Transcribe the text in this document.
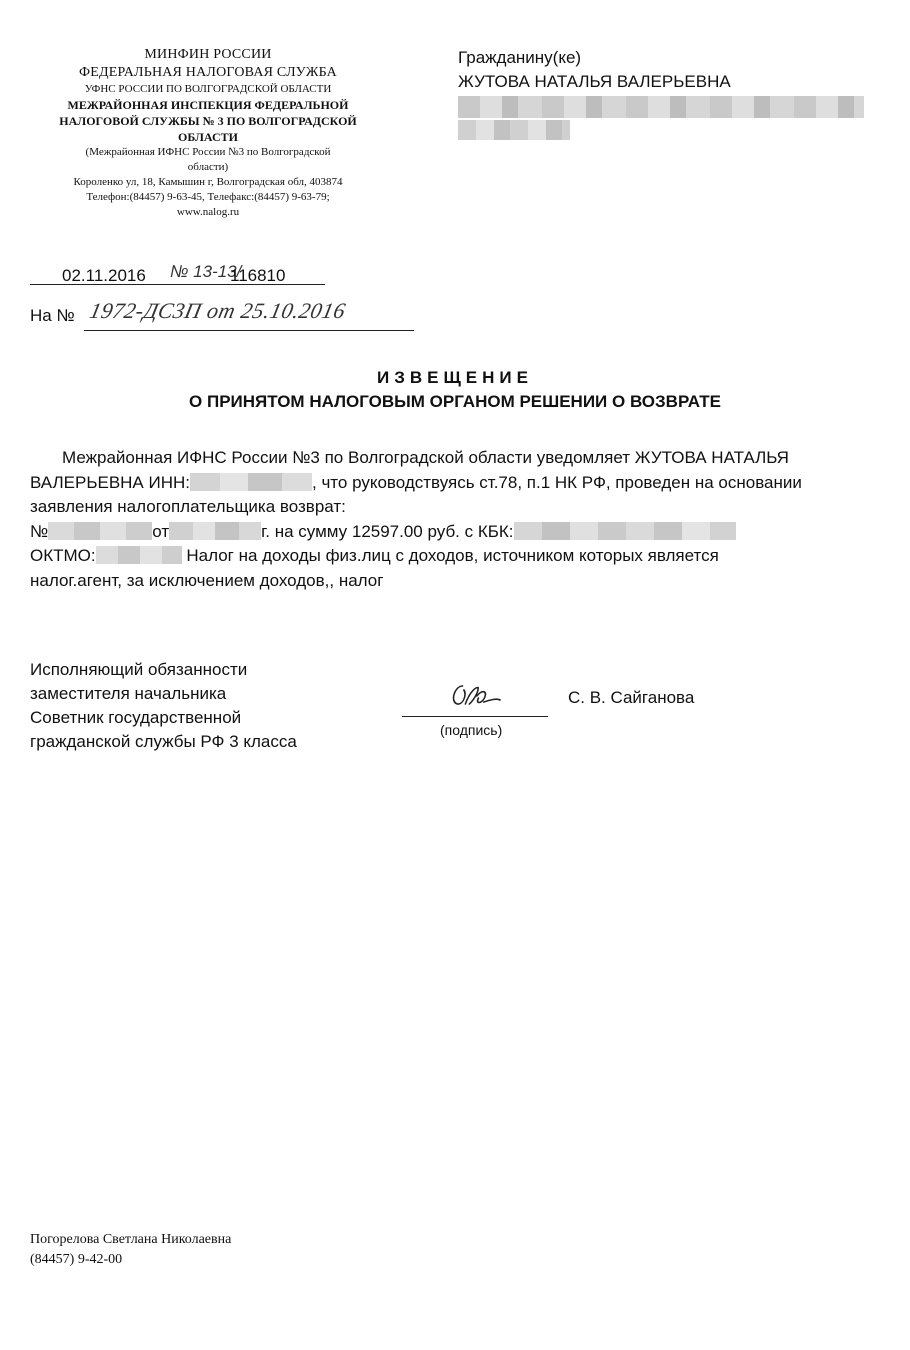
МИНФИН РОССИИ
ФЕДЕРАЛЬНАЯ НАЛОГОВАЯ СЛУЖБА
УФНС РОССИИ ПО ВОЛГОГРАДСКОЙ ОБЛАСТИ
МЕЖРАЙОННАЯ ИНСПЕКЦИЯ ФЕДЕРАЛЬНОЙ
НАЛОГОВОЙ СЛУЖБЫ № 3 ПО ВОЛГОГРАДСКОЙ
ОБЛАСТИ
(Межрайонная ИФНС России №3 по Волгоградской
области)
Короленко ул, 18, Камышин г, Волгоградская обл, 403874
Телефон:(84457) 9-63-45, Телефакс:(84457) 9-63-79;
www.nalog.ru
Гражданину(ке)
ЖУТОВА НАТАЛЬЯ ВАЛЕРЬЕВНА
02.11.2016 № 13-13/
116810
На № 1972-ДС3П от 25.10.2016
ИЗВЕЩЕНИЕ
О ПРИНЯТОМ НАЛОГОВЫМ ОРГАНОМ РЕШЕНИИ О ВОЗВРАТЕ
Межрайонная ИФНС России №3 по Волгоградской области уведомляет ЖУТОВА НАТАЛЬЯ
ВАЛЕРЬЕВНА ИНН:	, что руководствуясь ст.78, п.1 НК РФ, проведен на основании
заявления налогоплательщика возврат:
№	от	г. на сумму 12597.00 руб. с КБК:
ОКТМО:	Налог на доходы физ.лиц с доходов, источником которых является
налог.агент, за исключением доходов,, налог
Исполняющий обязанности
заместителя начальника
Советник государственной
гражданской службы РФ 3 класса
(подпись)
С. В. Сайганова
Погорелова Светлана Николаевна
(84457) 9-42-00
